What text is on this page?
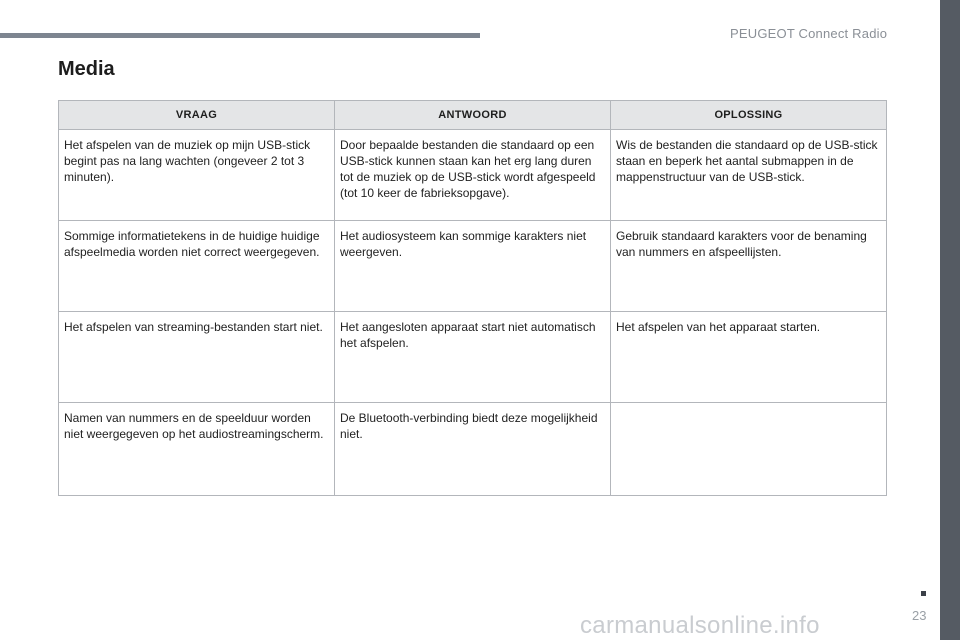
PEUGEOT Connect Radio
Media
VRAAG	ANTWOORD	OPLOSSING
Het afspelen van de muziek op mijn USB-stick begint pas na lang wachten (ongeveer 2 tot 3 minuten).	Door bepaalde bestanden die standaard op een USB-stick kunnen staan kan het erg lang duren tot de muziek op de USB-stick wordt afgespeeld (tot 10 keer de fabrieksopgave).	Wis de bestanden die standaard op de USB-stick staan en beperk het aantal submappen in de mappenstructuur van de USB-stick.
Sommige informatietekens in de huidige huidige afspeelmedia worden niet correct weergegeven.	Het audiosysteem kan sommige karakters niet weergeven.	Gebruik standaard karakters voor de benaming van nummers en afspeellijsten.
Het afspelen van streaming-bestanden start niet.	Het aangesloten apparaat start niet automatisch het afspelen.	Het afspelen van het apparaat starten.
Namen van nummers en de speelduur worden niet weergegeven op het audiostreamingscherm.	De Bluetooth-verbinding biedt deze mogelijkheid niet.	
23
carmanualsonline.info
